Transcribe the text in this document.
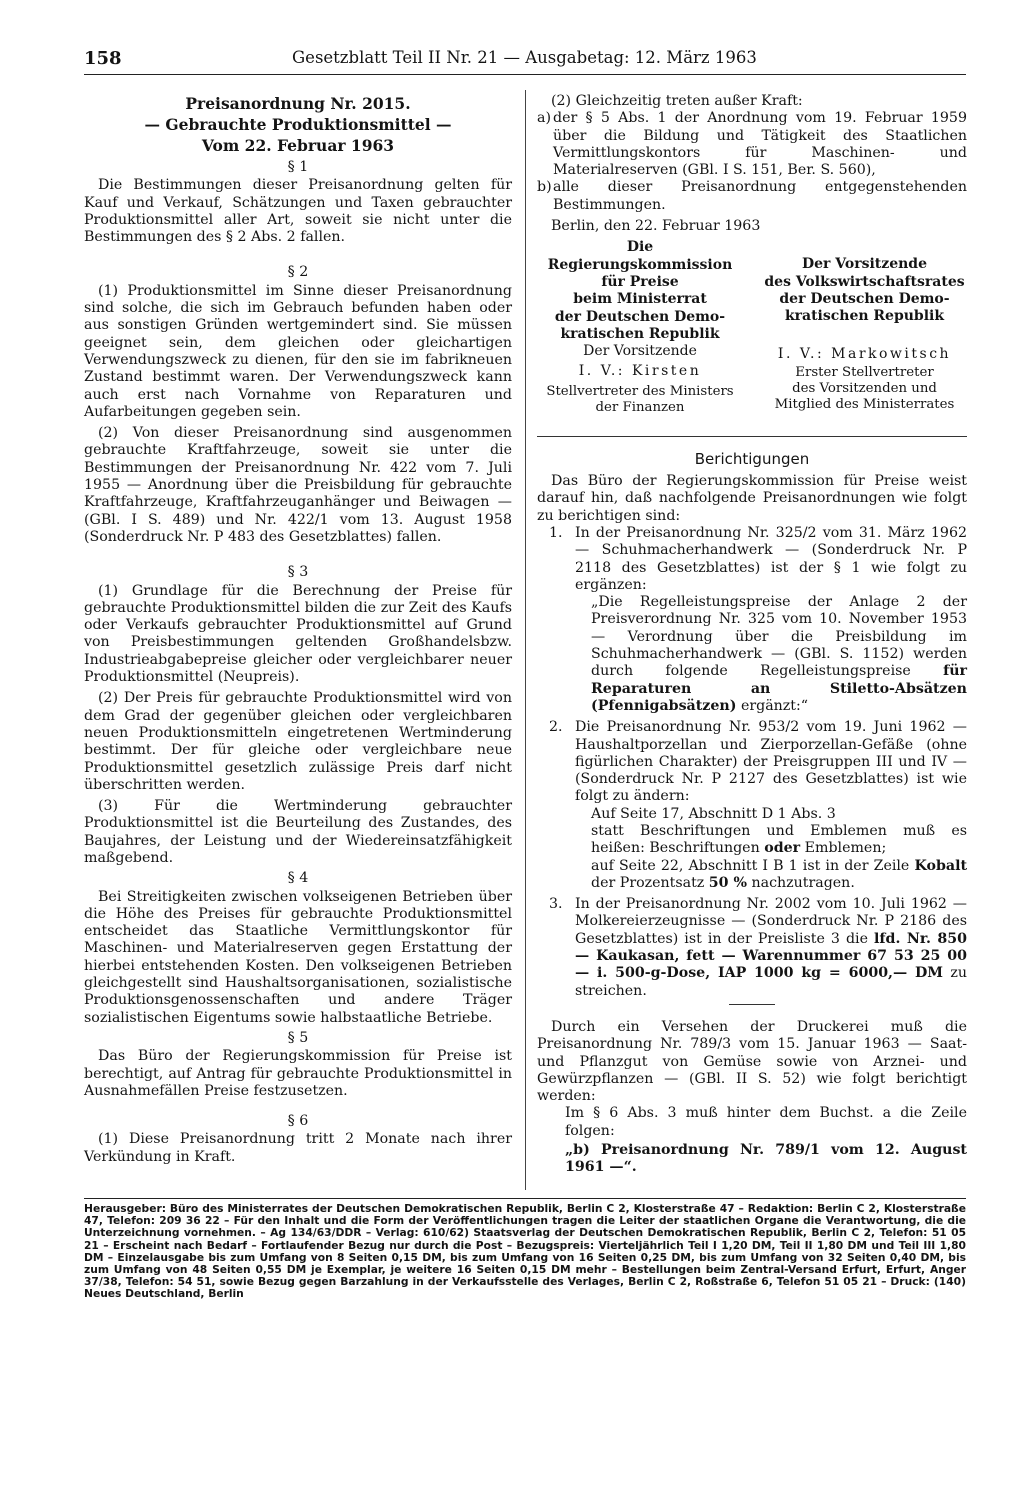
158	Gesetzblatt Teil II Nr. 21 — Ausgabetag: 12. März 1963
Preisanordnung Nr. 2015.
— Gebrauchte Produktionsmittel —
Vom 22. Februar 1963
§ 1

Die Bestimmungen dieser Preisanordnung gelten für Kauf und Verkauf, Schätzungen und Taxen gebrauchter Produktionsmittel aller Art, soweit sie nicht unter die Bestimmungen des § 2 Abs. 2 fallen.

§ 2

(1) Produktionsmittel im Sinne dieser Preisanordnung sind solche, die sich im Gebrauch befunden haben oder aus sonstigen Gründen wertgemindert sind. Sie müssen geeignet sein, dem gleichen oder gleichartigen Verwendungszweck zu dienen, für den sie im fabrikneuen Zustand bestimmt waren. Der Verwendungszweck kann auch erst nach Vornahme von Reparaturen und Aufarbeitungen gegeben sein.

(2) Von dieser Preisanordnung sind ausgenommen gebrauchte Kraftfahrzeuge, soweit sie unter die Bestimmungen der Preisanordnung Nr. 422 vom 7. Juli 1955 — Anordnung über die Preisbildung für gebrauchte Kraftfahrzeuge, Kraftfahrzeuganhänger und Beiwagen — (GBl. I S. 489) und Nr. 422/1 vom 13. August 1958 (Sonderdruck Nr. P 483 des Gesetzblattes) fallen.

§ 3

(1) Grundlage für die Berechnung der Preise für gebrauchte Produktionsmittel bilden die zur Zeit des Kaufs oder Verkaufs gebrauchter Produktionsmittel auf Grund von Preisbestimmungen geltenden Großhandelsbzw. Industrieabgabepreise gleicher oder vergleichbarer neuer Produktionsmittel (Neupreis).

(2) Der Preis für gebrauchte Produktionsmittel wird von dem Grad der gegenüber gleichen oder vergleichbaren neuen Produktionsmitteln eingetretenen Wertminderung bestimmt. Der für gleiche oder vergleichbare neue Produktionsmittel gesetzlich zulässige Preis darf nicht überschritten werden.

(3) Für die Wertminderung gebrauchter Produktionsmittel ist die Beurteilung des Zustandes, des Baujahres, der Leistung und der Wiedereinsatzfähigkeit maßgebend.

§ 4

Bei Streitigkeiten zwischen volkseigenen Betrieben über die Höhe des Preises für gebrauchte Produktionsmittel entscheidet das Staatliche Vermittlungskontor für Maschinen- und Materialreserven gegen Erstattung der hierbei entstehenden Kosten. Den volkseigenen Betrieben gleichgestellt sind Haushaltsorganisationen, sozialistische Produktionsgenossenschaften und andere Träger sozialistischen Eigentums sowie halbstaatliche Betriebe.

§ 5

Das Büro der Regierungskommission für Preise ist berechtigt, auf Antrag für gebrauchte Produktionsmittel in Ausnahmefällen Preise festzusetzen.

§ 6

(1) Diese Preisanordnung tritt 2 Monate nach ihrer Verkündung in Kraft.

(2) Gleichzeitig treten außer Kraft:

a) der § 5 Abs. 1 der Anordnung vom 19. Februar 1959 über die Bildung und Tätigkeit des Staatlichen Vermittlungskontors für Maschinen- und Materialreserven (GBl. I S. 151, Ber. S. 560),
b) alle dieser Preisanordnung entgegenstehenden Bestimmungen.

Berlin, den 22. Februar 1963

Die Regierungskommission
für Preise
beim Ministerrat
der Deutschen Demo-
kratischen Republik
Der Vorsitzende
I. V.: Kirsten
Stellvertreter des Ministers
der Finanzen
Der Vorsitzende
des Volkswirtschaftsrates
der Deutschen Demo-
kratischen Republik
I. V.: Markowitsch
Erster Stellvertreter
des Vorsitzenden und
Mitglied des Ministerrates
Berichtigungen

Das Büro der Regierungskommission für Preise weist darauf hin, daß nachfolgende Preisanordnungen wie folgt zu berichtigen sind:

1. In der Preisanordnung Nr. 325/2 vom 31. März 1962 — Schuhmacherhandwerk — (Sonderdruck Nr. P 2118 des Gesetzblattes) ist der § 1 wie folgt zu ergänzen:

„Die Regelleistungspreise der Anlage 2 der Preisverordnung Nr. 325 vom 10. November 1953 — Verordnung über die Preisbildung im Schuhmacherhandwerk — (GBl. S. 1152) werden durch folgende Regelleistungspreise für Reparaturen an Stiletto-Absätzen (Pfennigabsätzen) ergänzt:“

2. Die Preisanordnung Nr. 953/2 vom 19. Juni 1962 — Haushaltporzellan und Zierporzellan-Gefäße (ohne figürlichen Charakter) der Preisgruppen III und IV — (Sonderdruck Nr. P 2127 des Gesetzblattes) ist wie folgt zu ändern:

Auf Seite 17, Abschnitt D 1 Abs. 3

statt Beschriftungen und Emblemen muß es heißen: Beschriftungen oder Emblemen;

auf Seite 22, Abschnitt I B 1 ist in der Zeile Kobalt der Prozentsatz 50 % nachzutragen.

3. In der Preisanordnung Nr. 2002 vom 10. Juli 1962 — Molkereierzeugnisse — (Sonderdruck Nr. P 2186 des Gesetzblattes) ist in der Preisliste 3 die lfd. Nr. 850 — Kaukasan, fett — Warennummer 67 53 25 00 — i. 500-g-Dose, IAP 1000 kg = 6000,— DM zu streichen.

Durch ein Versehen der Druckerei muß die Preisanordnung Nr. 789/3 vom 15. Januar 1963 — Saat- und Pflanzgut von Gemüse sowie von Arznei- und Gewürzpflanzen — (GBl. II S. 52) wie folgt berichtigt werden:

Im § 6 Abs. 3 muß hinter dem Buchst. a die Zeile folgen:

„b) Preisanordnung Nr. 789/1 vom 12. August 1961 —“.

Herausgeber: Büro des Ministerrates der Deutschen Demokratischen Republik, Berlin C 2, Klosterstraße 47 – Redaktion: Berlin C 2, Klosterstraße 47, Telefon: 209 36 22 – Für den Inhalt und die Form der Veröffentlichungen tragen die Leiter der staatlichen Organe die Verantwortung, die die Unterzeichnung vornehmen. – Ag 134/63/DDR – Verlag: 610/62) Staatsverlag der Deutschen Demokratischen Republik, Berlin C 2, Telefon: 51 05 21 – Erscheint nach Bedarf – Fortlaufender Bezug nur durch die Post – Bezugspreis: Vierteljährlich Teil I 1,20 DM, Teil II 1,80 DM und Teil III 1,80 DM – Einzelausgabe bis zum Umfang von 8 Seiten 0,15 DM, bis zum Umfang von 16 Seiten 0,25 DM, bis zum Umfang von 32 Seiten 0,40 DM, bis zum Umfang von 48 Seiten 0,55 DM je Exemplar, je weitere 16 Seiten 0,15 DM mehr – Bestellungen beim Zentral-Versand Erfurt, Erfurt, Anger 37/38, Telefon: 54 51, sowie Bezug gegen Barzahlung in der Verkaufsstelle des Verlages, Berlin C 2, Roßstraße 6, Telefon 51 05 21 – Druck: (140) Neues Deutschland, Berlin
